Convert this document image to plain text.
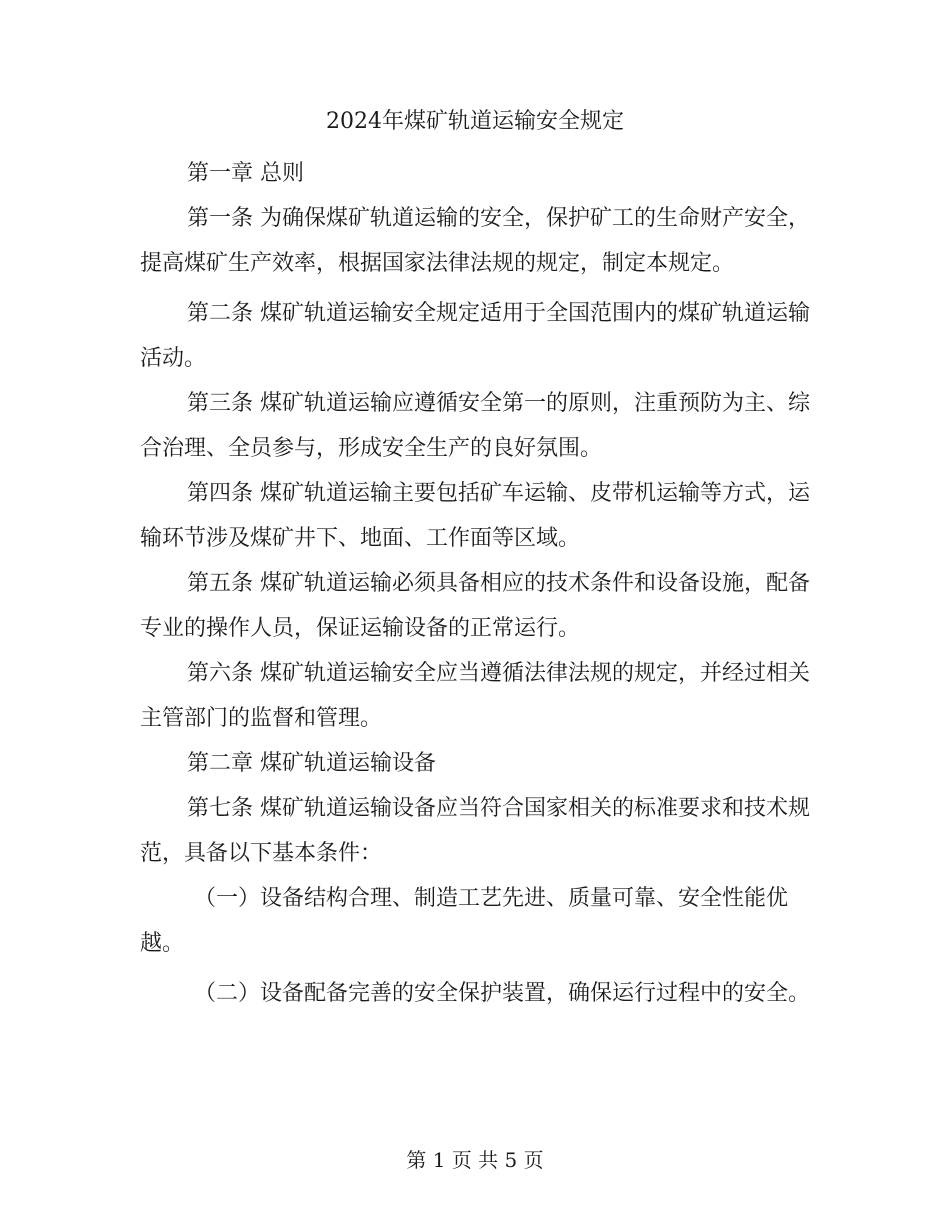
2024年煤矿轨道运输安全规定

第一章 总则

第一条 为确保煤矿轨道运输的安全，保护矿工的生命财产安全，提高煤矿生产效率，根据国家法律法规的规定，制定本规定。

第二条 煤矿轨道运输安全规定适用于全国范围内的煤矿轨道运输活动。

第三条 煤矿轨道运输应遵循安全第一的原则，注重预防为主、综合治理、全员参与，形成安全生产的良好氛围。

第四条 煤矿轨道运输主要包括矿车运输、皮带机运输等方式，运输环节涉及煤矿井下、地面、工作面等区域。

第五条 煤矿轨道运输必须具备相应的技术条件和设备设施，配备专业的操作人员，保证运输设备的正常运行。

第六条 煤矿轨道运输安全应当遵循法律法规的规定，并经过相关主管部门的监督和管理。

第二章 煤矿轨道运输设备

第七条 煤矿轨道运输设备应当符合国家相关的标准要求和技术规范，具备以下基本条件：

（一）设备结构合理、制造工艺先进、质量可靠、安全性能优越。

（二）设备配备完善的安全保护装置，确保运行过程中的安全。

第 1 页 共 5 页
